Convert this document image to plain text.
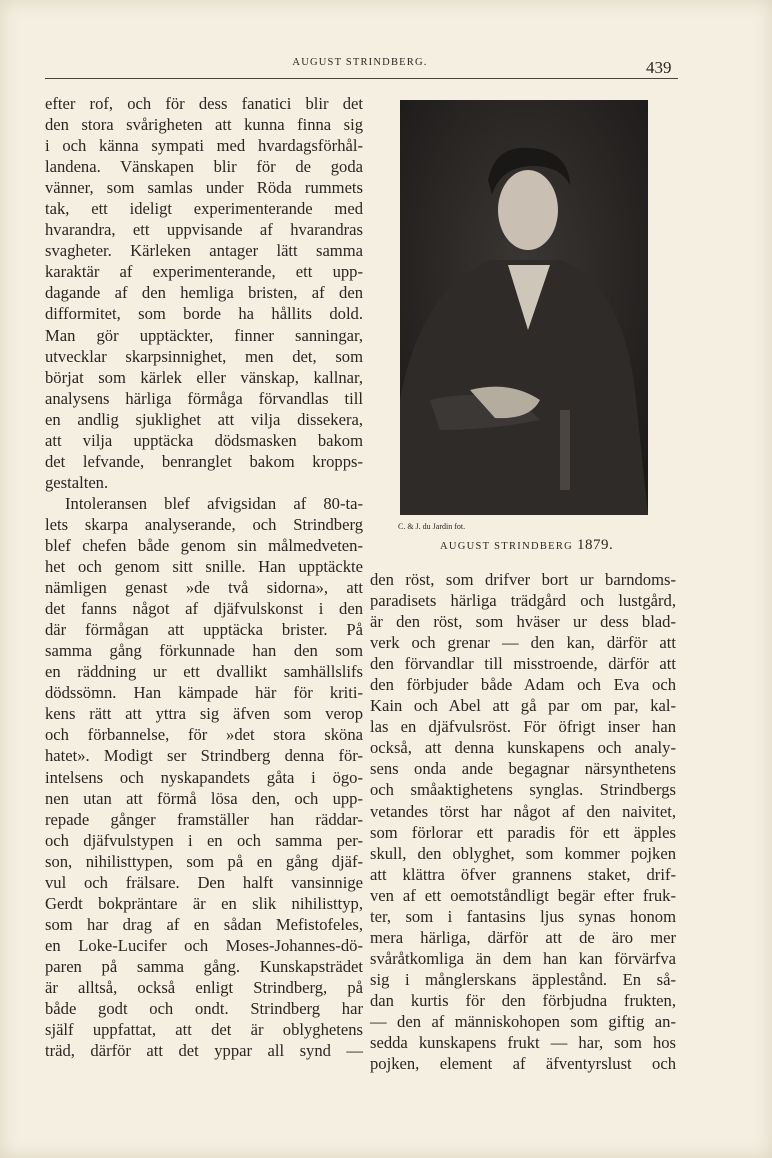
AUGUST STRINDBERG.	439
efter rof, och för dess fanatici blir det
den stora svårigheten att kunna finna sig
i och känna sympati med hvardagsförhål-
landena. Vänskapen blir för de goda
vänner, som samlas under Röda rummets
tak, ett ideligt experimenterande med
hvarandra, ett uppvisande af hvarandras
svagheter. Kärleken antager lätt samma
karaktär af experimenterande, ett upp-
dagande af den hemliga bristen, af den
difformitet, som borde ha hållits dold.
Man gör upptäckter, finner sanningar,
utvecklar skarpsinnighet, men det, som
börjat som kärlek eller vänskap, kallnar,
analysens härliga förmåga förvandlas till
en andlig sjuklighet att vilja dissekera,
att vilja upptäcka dödsmasken bakom
det lefvande, benranglet bakom kropps-
gestalten.
Intoleransen blef afvigsidan af 80-ta-
lets skarpa analyserande, och Strindberg
blef chefen både genom sin målmedveten-
het och genom sitt snille. Han upptäckte
nämligen genast »de två sidorna», att
det fanns något af djäfvulskonst i den
där förmågan att upptäcka brister. På
samma gång förkunnade han den som
en räddning ur ett dvallikt samhällslifs
dödssömn. Han kämpade här för kriti-
kens rätt att yttra sig äfven som verop
och förbannelse, för »det stora sköna
hatet». Modigt ser Strindberg denna för-
intelsens och nyskapandets gåta i ögo-
nen utan att förmå lösa den, och upp-
repade gånger framställer han räddar-
och djäfvulstypen i en och samma per-
son, nihilisttypen, som på en gång djäf-
vul och frälsare. Den halft vansinnige
Gerdt bokpräntare är en slik nihilisttyp,
som har drag af en sådan Mefistofeles,
en Loke-Lucifer och Moses-Johannes-dö-
paren på samma gång. Kunskapsträdet
är alltså, också enligt Strindberg, på
både godt och ondt. Strindberg har
själf uppfattat, att det är oblyghetens
träd, därför att det yppar all synd —
C. & J. du Jardin fot.
AUGUST STRINDBERG 1879.
den röst, som drifver bort ur barndoms-
paradisets härliga trädgård och lustgård,
är den röst, som hväser ur dess blad-
verk och grenar — den kan, därför att
den förvandlar till misstroende, därför att
den förbjuder både Adam och Eva och
Kain och Abel att gå par om par, kal-
las en djäfvulsröst. För öfrigt inser han
också, att denna kunskapens och analy-
sens onda ande begagnar närsynthetens
och småaktighetens synglas. Strindbergs
vetandes törst har något af den naivitet,
som förlorar ett paradis för ett äpples
skull, den oblyghet, som kommer pojken
att klättra öfver grannens staket, drif-
ven af ett oemotståndligt begär efter fruk-
ter, som i fantasins ljus synas honom
mera härliga, därför att de äro mer
svåråtkomliga än dem han kan förvärfva
sig i månglerskans äpplestånd. En så-
dan kurtis för den förbjudna frukten,
— den af människohopen som giftig an-
sedda kunskapens frukt — har, som hos
pojken, element af äfventyrslust och
